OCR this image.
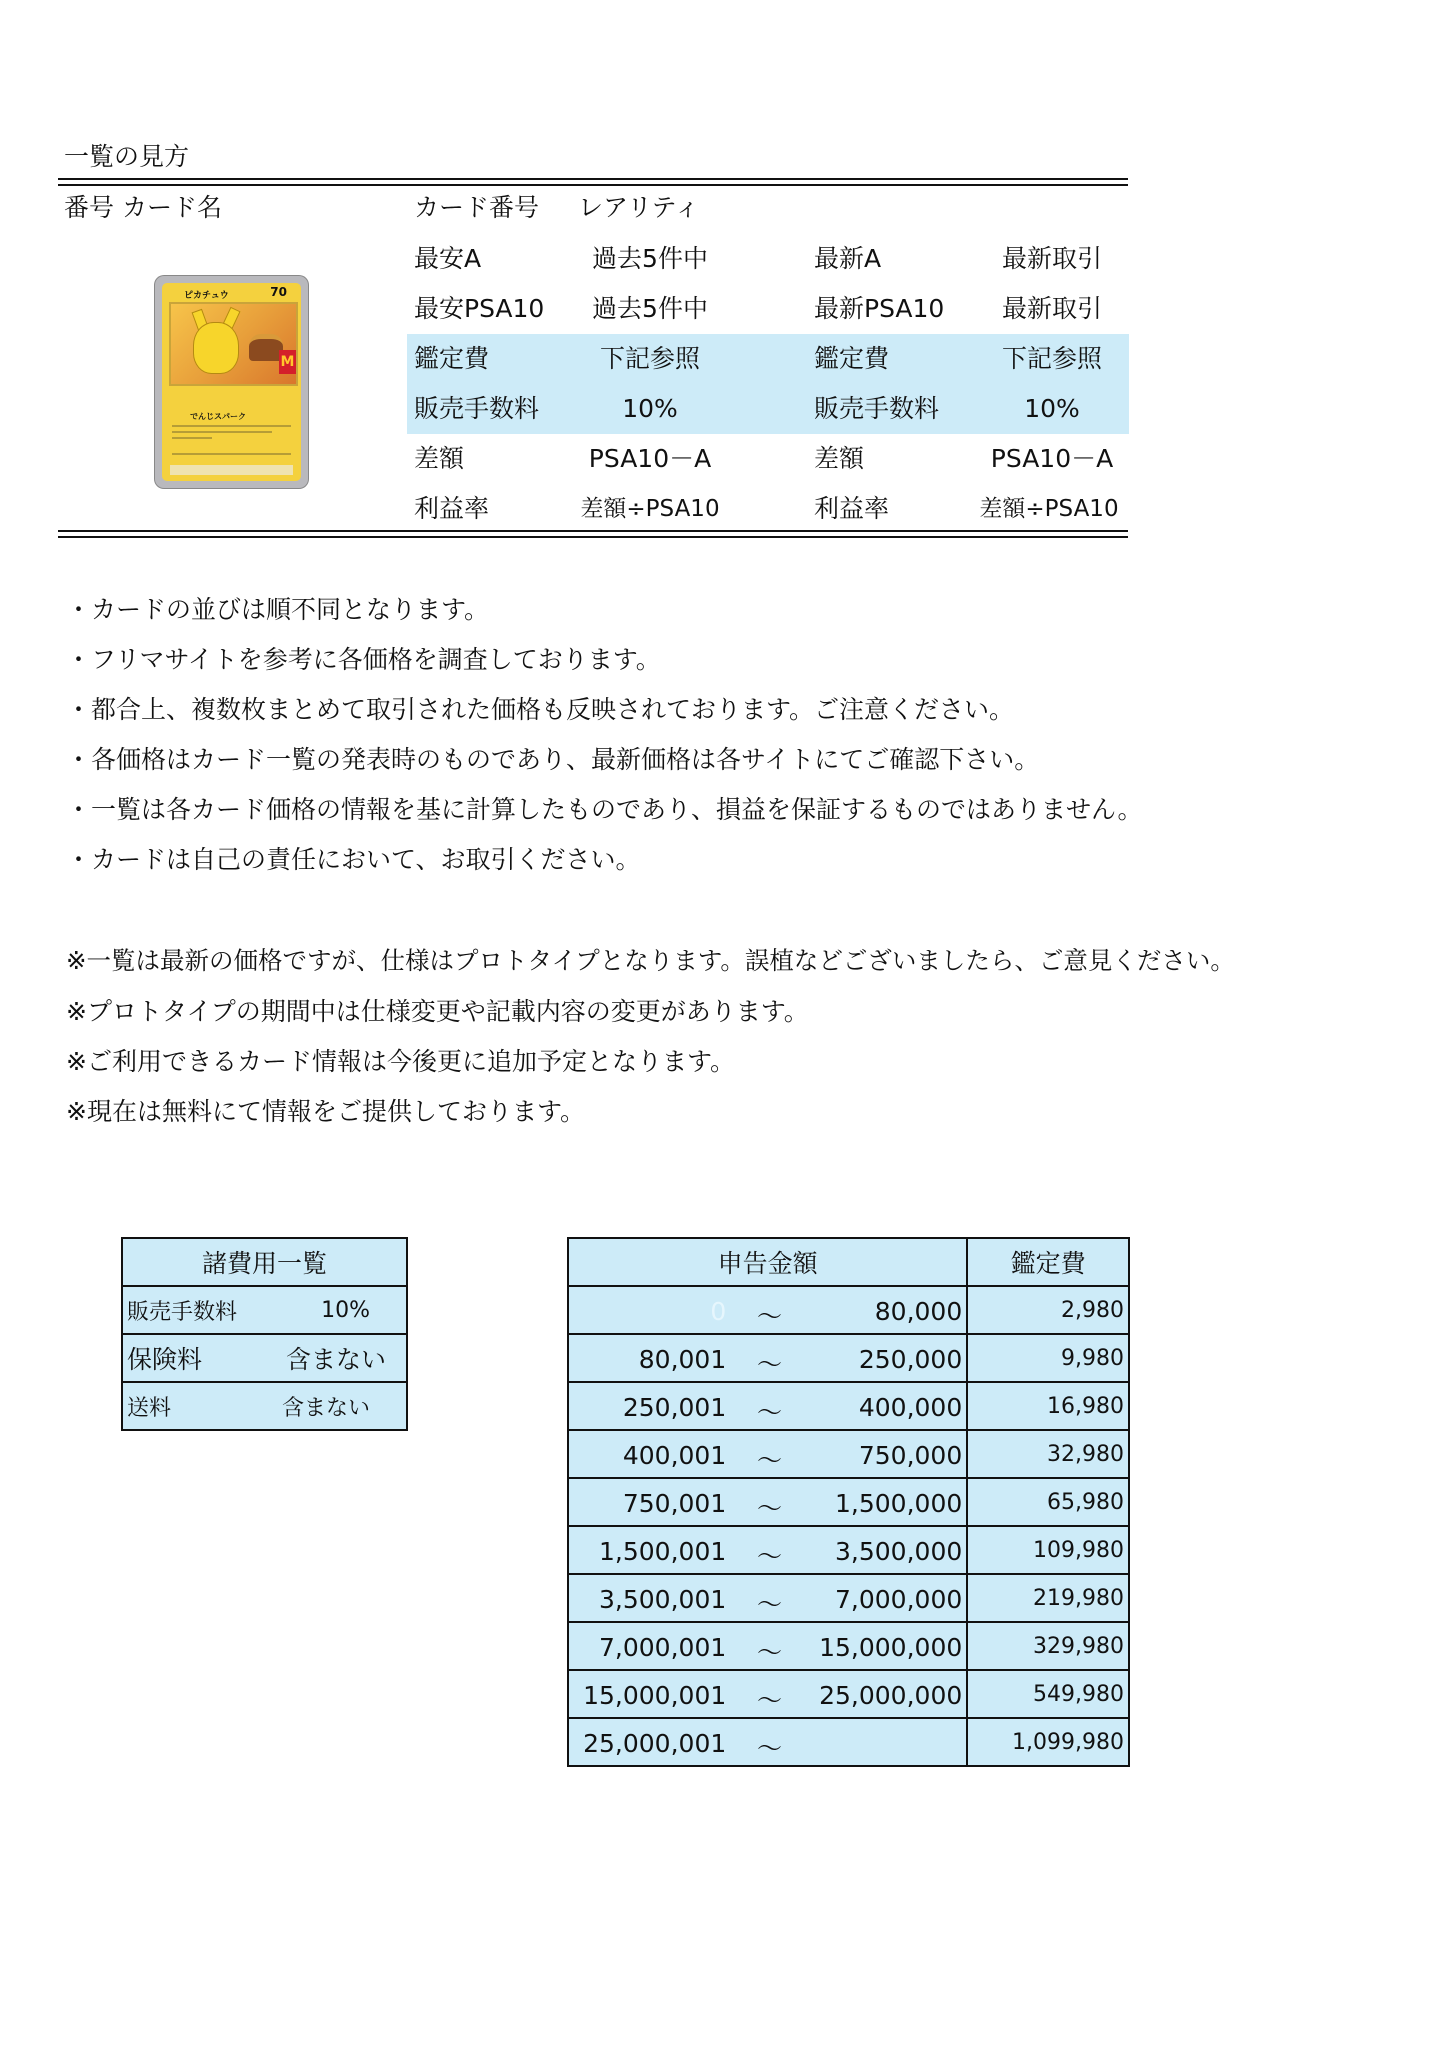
一覧の見方
番号 カード名	カード番号 レアリティ
最安A	過去5件中	最新A	最新取引
最安PSA10	過去5件中	最新PSA10	最新取引
鑑定費	下記参照	鑑定費	下記参照
販売手数料	10%	販売手数料	10%
差額	PSA10－A	差額	PSA10－A
利益率	差額÷PSA10	利益率	差額÷PSA10
ピカチュウ	70
M
でんじスパーク
・カードの並びは順不同となります。
・フリマサイトを参考に各価格を調査しております。
・都合上、複数枚まとめて取引された価格も反映されております。ご注意ください。
・各価格はカード一覧の発表時のものであり、最新価格は各サイトにてご確認下さい。
・一覧は各カード価格の情報を基に計算したものであり、損益を保証するものではありません。
・カードは自己の責任において、お取引ください。
※一覧は最新の価格ですが、仕様はプロトタイプとなります。誤植などございましたら、ご意見ください。
※プロトタイプの期間中は仕様変更や記載内容の変更があります。
※ご利用できるカード情報は今後更に追加予定となります。
※現在は無料にて情報をご提供しております。
諸費用一覧	
販売手数料	10%
保険料	含まない
送料	含まない
申告金額	鑑定費

0 ～ 80,000	2,980

80,001 ～ 250,000	9,980

250,001 ～ 400,000	16,980

400,001 ～ 750,000	32,980

750,001 ～ 1,500,000	65,980

1,500,001 ～ 3,500,000	109,980

3,500,001 ～ 7,000,000	219,980

7,000,001 ～ 15,000,000	329,980

15,000,001 ～ 25,000,000	549,980

25,000,001 ～	1,099,980
